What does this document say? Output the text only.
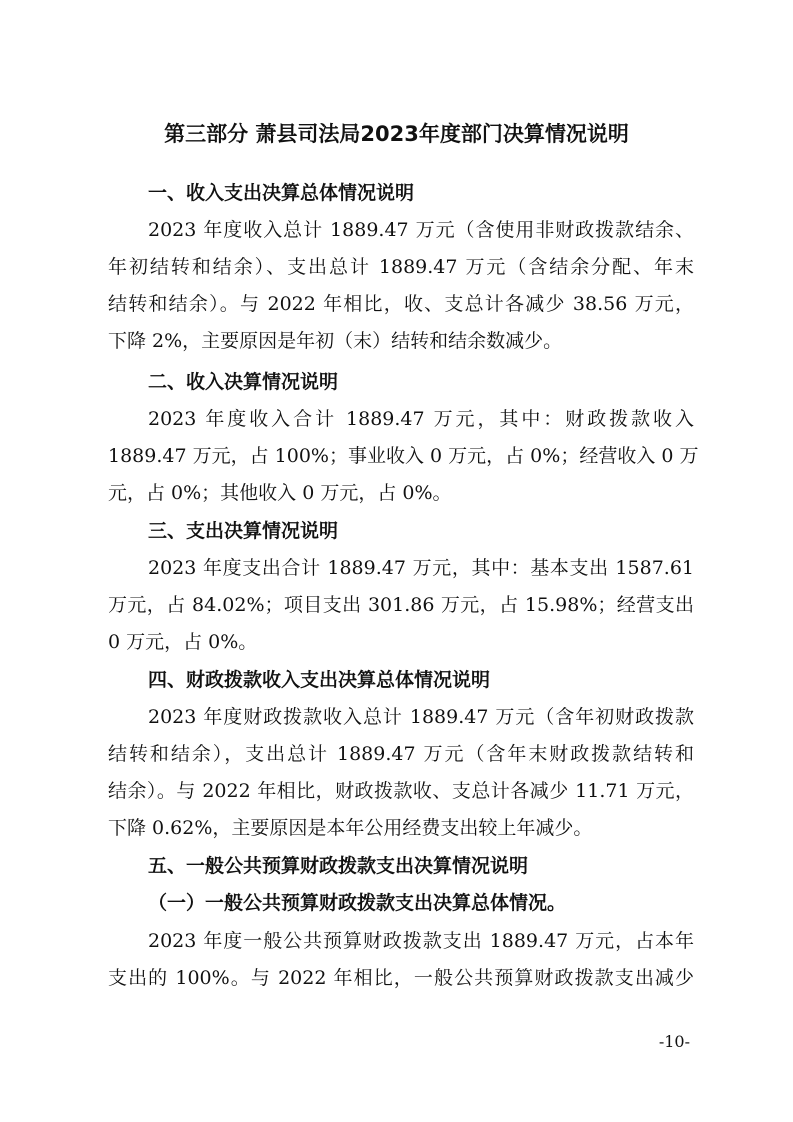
第三部分 萧县司法局2023年度部门决算情况说明
一、收入支出决算总体情况说明

2023 年度收入总计 1889.47 万元（含使用非财政拨款结余、

年初结转和结余）、支出总计 1889.47 万元（含结余分配、年末

结转和结余）。与 2022 年相比，收、支总计各减少 38.56 万元，

下降 2%，主要原因是年初（末）结转和结余数减少。

二、收入决算情况说明

2023 年度收入合计 1889.47 万元，其中：财政拨款收入

1889.47 万元，占 100%；事业收入 0 万元，占 0%；经营收入 0 万

元，占 0%；其他收入 0 万元，占 0%。

三、支出决算情况说明

2023 年度支出合计 1889.47 万元，其中：基本支出 1587.61

万元，占 84.02%；项目支出 301.86 万元，占 15.98%；经营支出

0 万元，占 0%。

四、财政拨款收入支出决算总体情况说明

2023 年度财政拨款收入总计 1889.47 万元（含年初财政拨款

结转和结余），支出总计 1889.47 万元（含年末财政拨款结转和

结余）。与 2022 年相比，财政拨款收、支总计各减少 11.71 万元，

下降 0.62%，主要原因是本年公用经费支出较上年减少。

五、一般公共预算财政拨款支出决算情况说明
（一）一般公共预算财政拨款支出决算总体情况。

2023 年度一般公共预算财政拨款支出 1889.47 万元，占本年

支出的 100%。与 2022 年相比，一般公共预算财政拨款支出减少

-10-
